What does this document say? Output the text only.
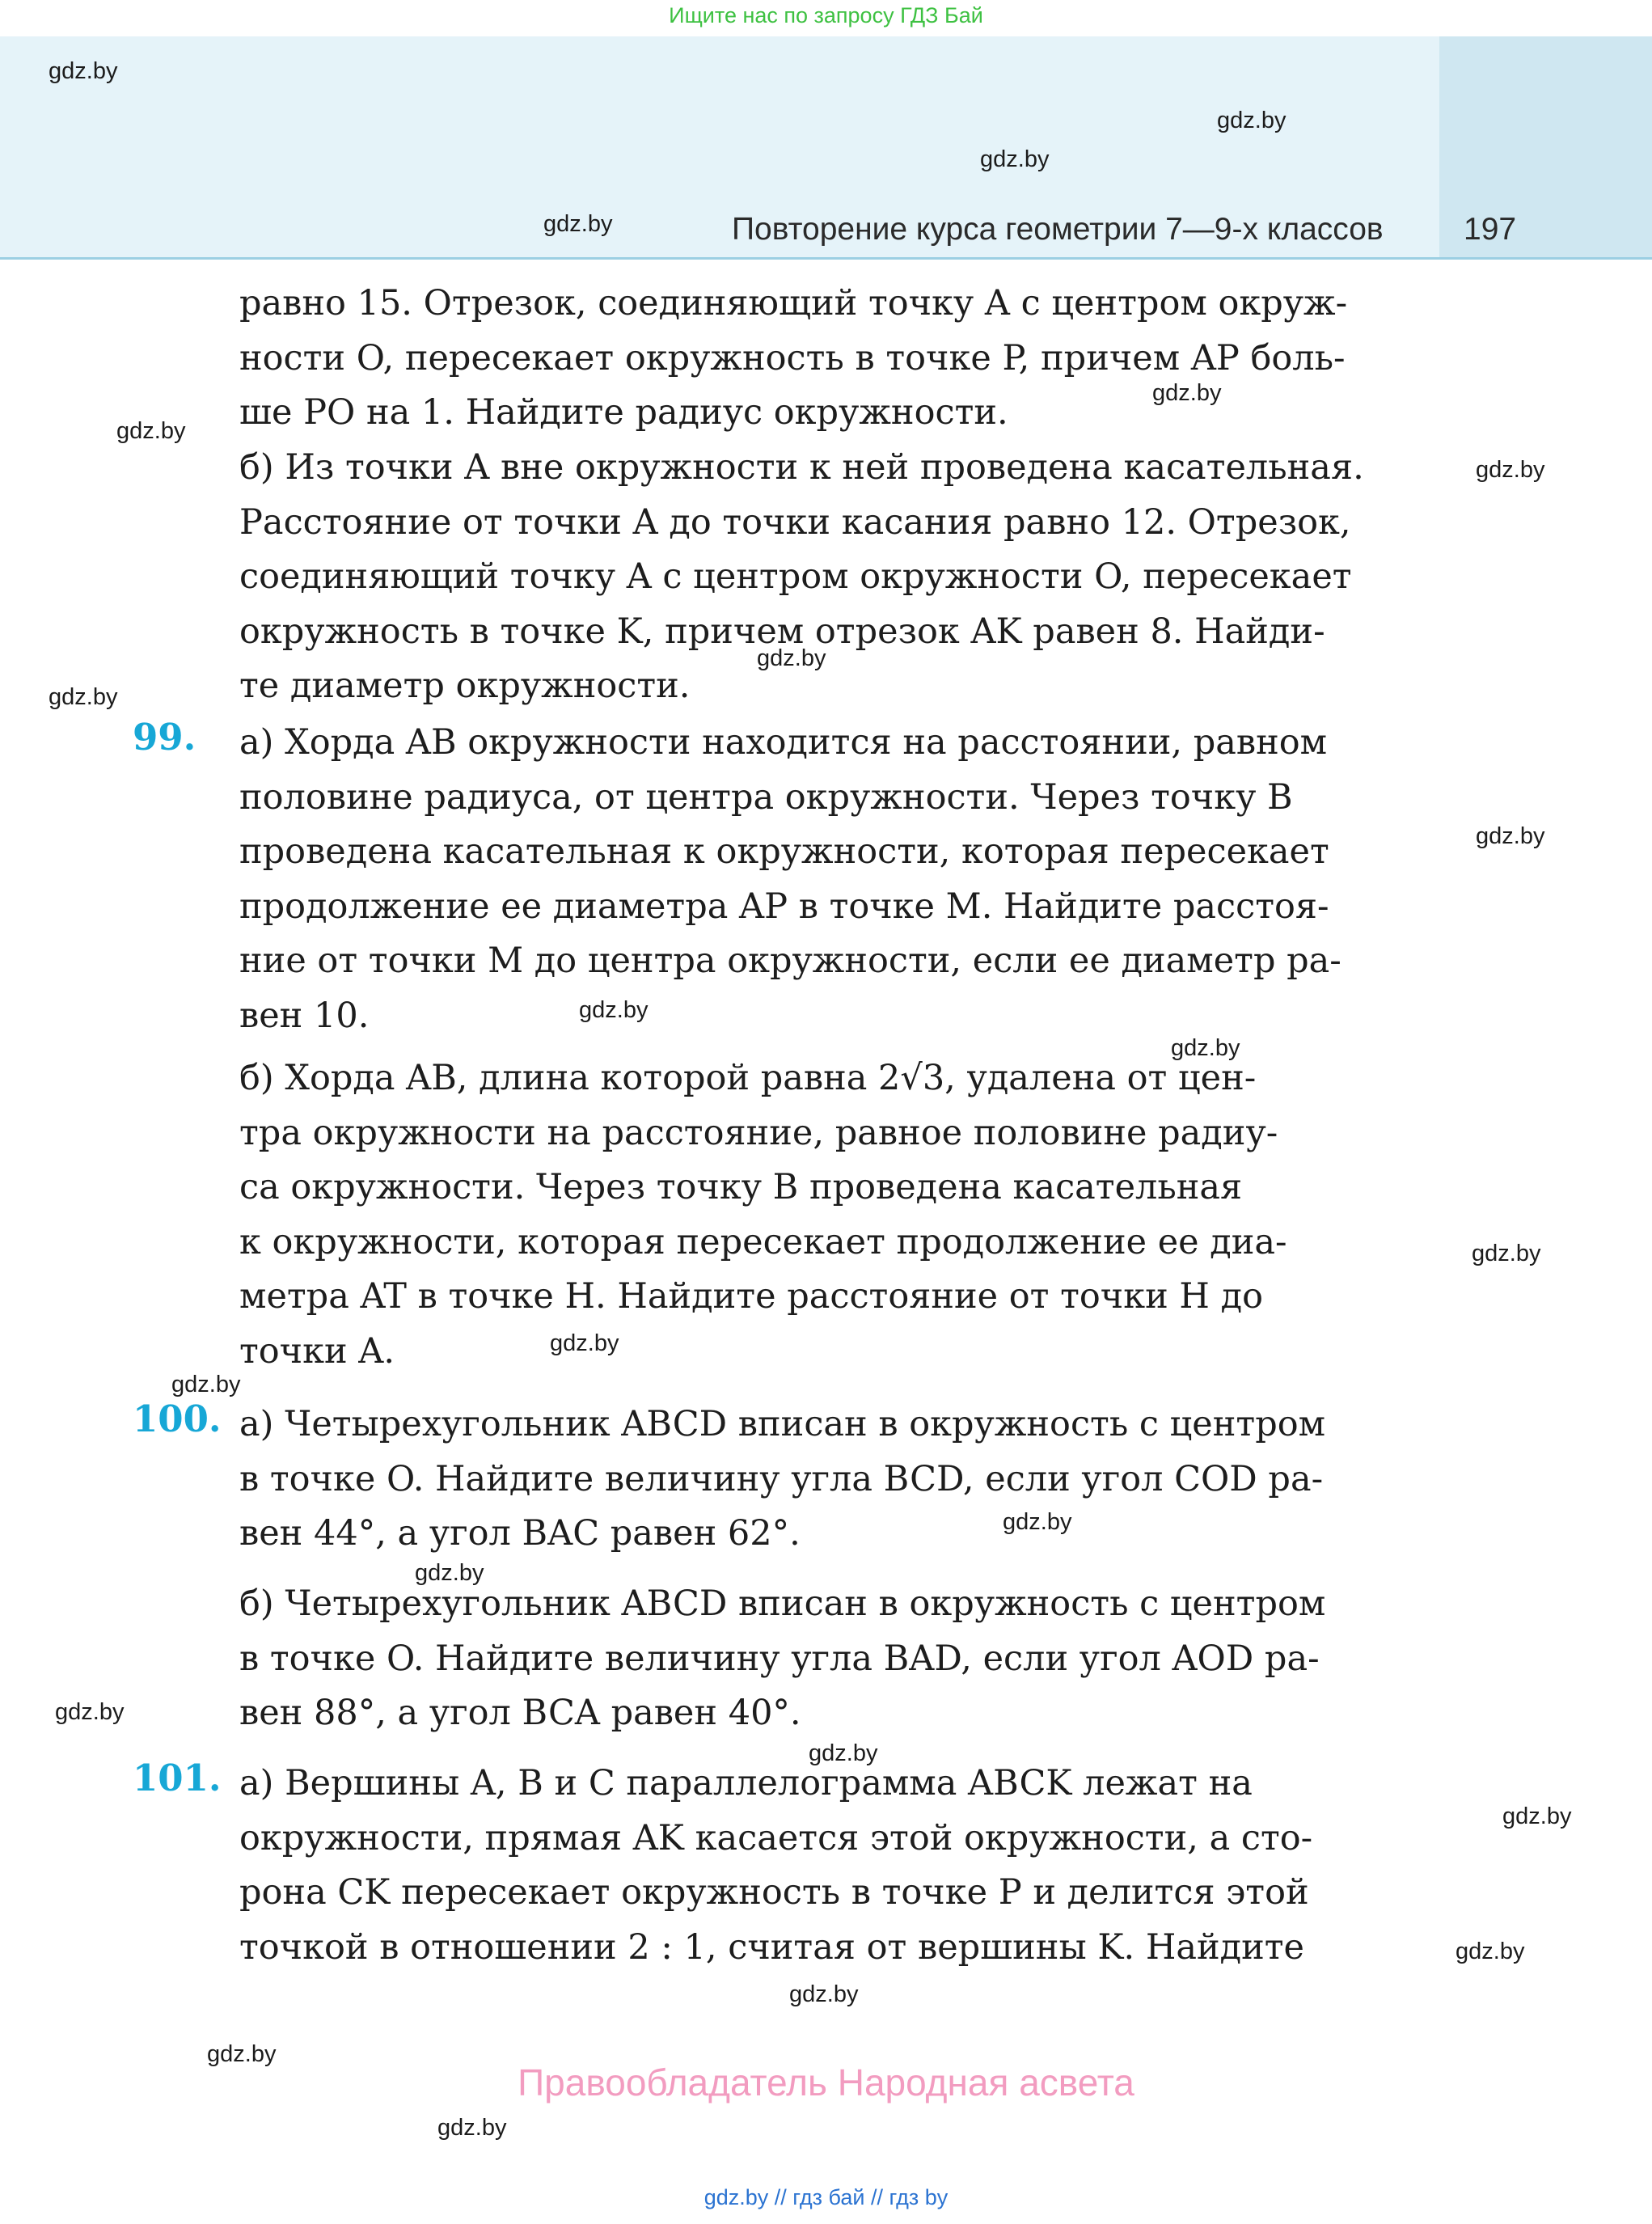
Ищите нас по запросу ГДЗ Бай
Повторение курса геометрии 7—9-х классов	197
равно 15. Отрезок, соединяющий точку A с центром окруж-
ности O, пересекает окружность в точке P, причем AP боль-
ше PO на 1. Найдите радиус окружности.
б) Из точки A вне окружности к ней проведена касательная.
Расстояние от точки A до точки касания равно 12. Отрезок,
соединяющий точку A с центром окружности O, пересекает
окружность в точке K, причем отрезок AK равен 8. Найди-
те диаметр окружности.
99. а) Хорда AB окружности находится на расстоянии, равном
половине радиуса, от центра окружности. Через точку B
проведена касательная к окружности, которая пересекает
продолжение ее диаметра AP в точке M. Найдите расстоя-
ние от точки M до центра окружности, если ее диаметр ра-
вен 10.
б) Хорда AB, длина которой равна 2√3, удалена от цен-
тра окружности на расстояние, равное половине радиу-
са окружности. Через точку B проведена касательная
к окружности, которая пересекает продолжение ее диа-
метра AT в точке H. Найдите расстояние от точки H до
точки A.
100. а) Четырехугольник ABCD вписан в окружность с центром
в точке O. Найдите величину угла BCD, если угол COD ра-
вен 44°, а угол BAC равен 62°.
б) Четырехугольник ABCD вписан в окружность с центром
в точке O. Найдите величину угла BAD, если угол AOD ра-
вен 88°, а угол BCA равен 40°.
101. а) Вершины A, B и C параллелограмма ABCK лежат на
окружности, прямая AK касается этой окружности, а сто-
рона CK пересекает окружность в точке P и делится этой
точкой в отношении 2 : 1, считая от вершины K. Найдите
gdz.by
gdz.by
gdz.by
gdz.by
gdz.by
gdz.by
gdz.by
gdz.by
gdz.by
gdz.by
gdz.by
gdz.by
gdz.by
gdz.by
gdz.by
gdz.by
gdz.by
gdz.by
gdz.by
gdz.by
gdz.by
gdz.by
gdz.by
gdz.by
Правообладатель Народная асвета
gdz.by // гдз бай // гдз by
